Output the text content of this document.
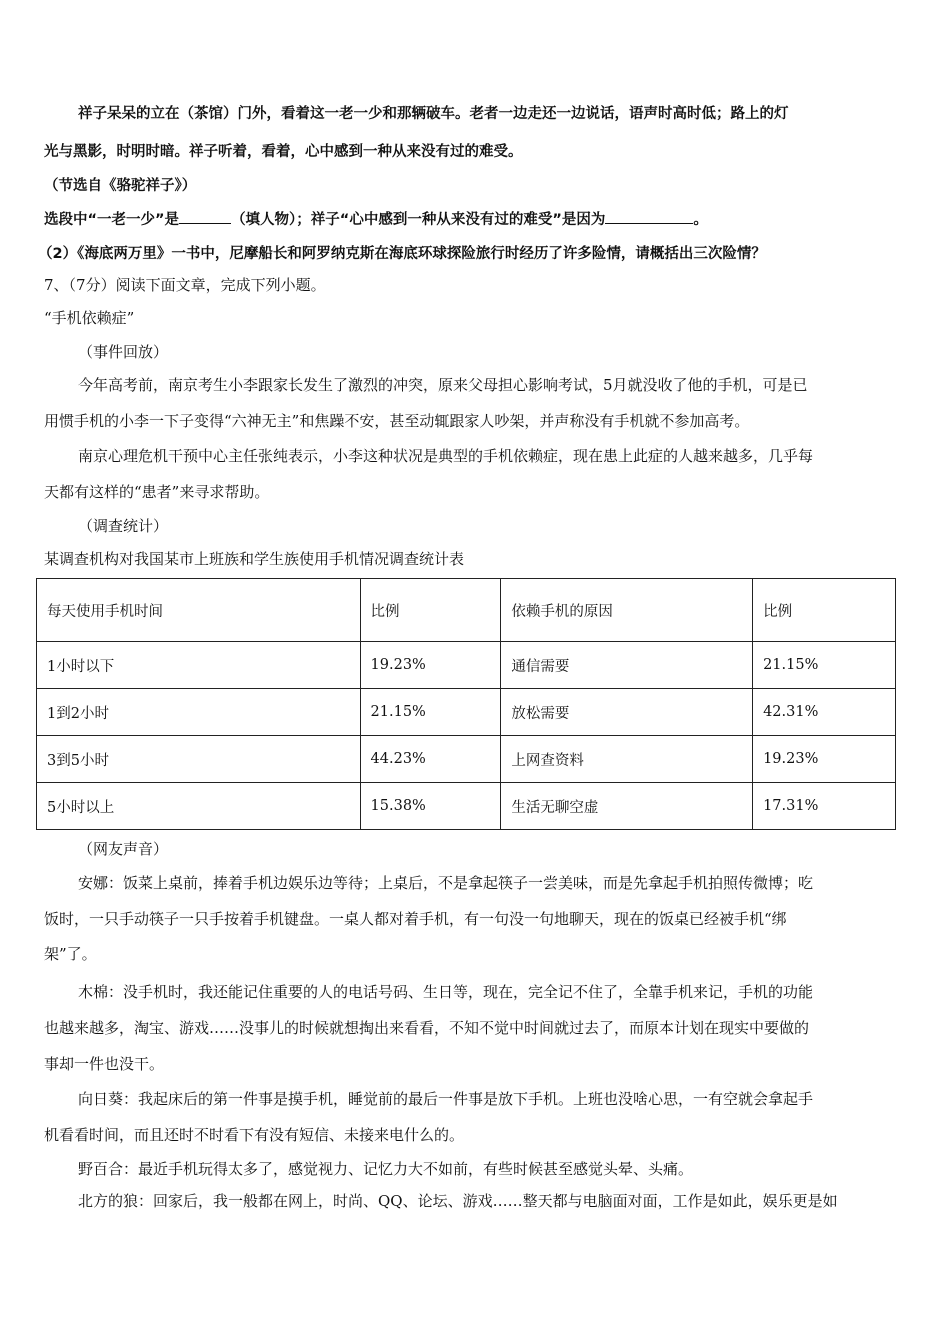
祥子呆呆的立在（茶馆）门外，看着这一老一少和那辆破车。老者一边走还一边说话，语声时高时低；路上的灯
光与黑影，时明时暗。祥子听着，看着，心中感到一种从来没有过的难受。
（节选自《骆驼祥子》）
选段中“一老一少”是	（填人物）；祥子“心中感到一种从来没有过的难受”是因为	。
（2）《海底两万里》一书中，尼摩船长和阿罗纳克斯在海底环球探险旅行时经历了许多险情，请概括出三次险情？
7、（7分）阅读下面文章，完成下列小题。
“手机依赖症”
（事件回放）
今年高考前，南京考生小李跟家长发生了激烈的冲突，原来父母担心影响考试，5月就没收了他的手机，可是已
用惯手机的小李一下子变得“六神无主”和焦躁不安，甚至动辄跟家人吵架，并声称没有手机就不参加高考。
南京心理危机干预中心主任张纯表示，小李这种状况是典型的手机依赖症，现在患上此症的人越来越多，几乎每
天都有这样的“患者”来寻求帮助。
（调查统计）
某调查机构对我国某市上班族和学生族使用手机情况调查统计表
每天使用手机时间	比例	依赖手机的原因	比例
1小时以下	19.23%	通信需要	21.15%
1到2小时	21.15%	放松需要	42.31%
3到5小时	44.23%	上网查资料	19.23%
5小时以上	15.38%	生活无聊空虚	17.31%
（网友声音）
安娜：饭菜上桌前，捧着手机边娱乐边等待；上桌后，不是拿起筷子一尝美味，而是先拿起手机拍照传微博；吃
饭时，一只手动筷子一只手按着手机键盘。一桌人都对着手机，有一句没一句地聊天，现在的饭桌已经被手机“绑
架”了。
木棉：没手机时，我还能记住重要的人的电话号码、生日等，现在，完全记不住了，全靠手机来记，手机的功能
也越来越多，淘宝、游戏……没事儿的时候就想掏出来看看，不知不觉中时间就过去了，而原本计划在现实中要做的
事却一件也没干。
向日葵：我起床后的第一件事是摸手机，睡觉前的最后一件事是放下手机。上班也没啥心思，一有空就会拿起手
机看看时间，而且还时不时看下有没有短信、未接来电什么的。
野百合：最近手机玩得太多了，感觉视力、记忆力大不如前，有些时候甚至感觉头晕、头痛。
北方的狼：回家后，我一般都在网上，时尚、QQ、论坛、游戏……整天都与电脑面对面，工作是如此，娱乐更是如
